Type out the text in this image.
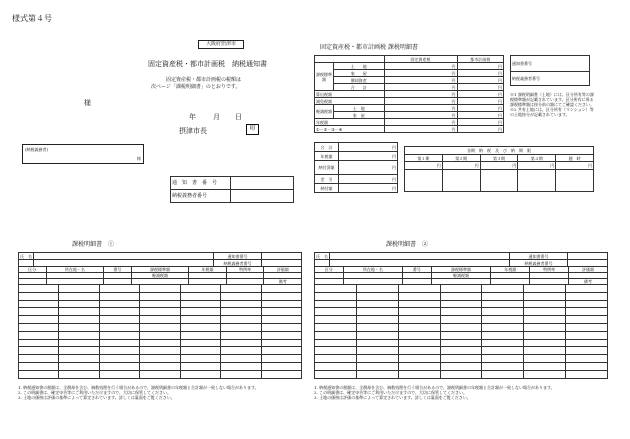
様式第４号
大阪府摂津市
固定資産税・都市計画税　納税通知書
固定資産税・都市計画税の税額は
次ページ「課税明細書」のとおりです。
様
年 月 日
摂津市長	印
(納税義務者)
様
通　知　書　番　号	
納税義務者番号	
固定資産税・都市計画税 課税明細書
		固定資産税	都市計画税
課税標準額	土　　地	円	円
	家　　屋	円	円
	償却資産	円	円
	合　　計	円	円
算出税額		円	円
減免税額		円	円
軽減税額	土　地	円	円
	家　屋	円	円
年税額		円	円
①－②－③－④		円	円
合　計	円
年税額	円
納付済額	円
差　引	円
納付額	円
通知書番号
納税義務者番号
※1 課税明細書（土地）には、区分所有等の課税標準額が記載されています。区分所有に係る課税標準額は按分前の額にてご確認ください。※2 共有土地には、区分所有（マンション）等の土地按分が記載されています。
各期　納　税　及　び　納　期　限				
第１期	第２期	第３期	第４期	随　時
円	円	円	円	円

課税明細書　 ①	課税明細書　 ②
氏　名		通知書番号	
		納税義務者番号	
区分	所在地・名	番号	課税標準額	年税額	特例率	評価額
			軽減税額			
						備考

氏　名		通知書番号	
		納税義務者番号	
区分	所在地・名	番号	課税標準額	年税額	特例率	評価額
			軽減税額			
						備考

1. 納税通知書の税額は、全償却を含む、端数処理を行う場合があるので、課税明細書の年税額と合計額が一致しない場合があります。
2. この明細書は、確定申告等にご利用いただけますので、大切に保管してください。
3. 土地の価格は評価の基準によって算定されています。詳しくは裏面をご覧ください。
1. 納税通知書の税額は、全償却を含む、端数処理を行う場合があるので、課税明細書の年税額と合計額が一致しない場合があります。
2. この明細書は、確定申告等にご利用いただけますので、大切に保管してください。
3. 土地の価格は評価の基準によって算定されています。詳しくは裏面をご覧ください。
